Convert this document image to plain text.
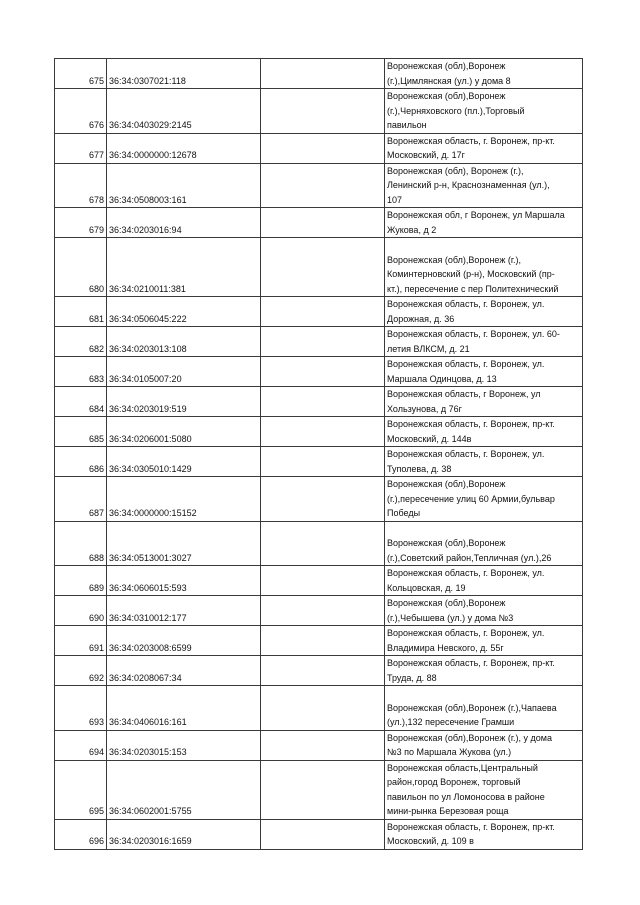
675	36:34:0307021:118		Воронежская (обл),Воронеж
(г.),Цимлянская (ул.) у дома 8

676	36:34:0403029:2145		Воронежская (обл),Воронеж
(г.),Черняховского (пл.),Торговый
павильон

677	36:34:0000000:12678		Воронежская область, г. Воронеж, пр-кт.
Московский, д. 17г

678	36:34:0508003:161		Воронежская (обл), Воронеж (г.),
Ленинский р-н, Краснознаменная (ул.),
107

679	36:34:0203016:94		Воронежская обл, г Воронеж, ул Маршала
Жукова, д 2

680	36:34:0210011:381		Воронежская (обл),Воронеж (г.),
Коминтерновский (р-н), Московский (пр-
кт.), пересечение с пер Политехнический

681	36:34:0506045:222		Воронежская область, г. Воронеж, ул.
Дорожная, д. 36

682	36:34:0203013:108		Воронежская область, г. Воронеж, ул. 60-
летия ВЛКСМ, д. 21

683	36:34:0105007:20		Воронежская область, г. Воронеж, ул.
Маршала Одинцова, д. 13

684	36:34:0203019:519		Воронежская область, г Воронеж, ул
Хользунова, д 76г

685	36:34:0206001:5080		Воронежская область, г. Воронеж, пр-кт.
Московский, д. 144в

686	36:34:0305010:1429		Воронежская область, г. Воронеж, ул.
Туполева, д. 38

687	36:34:0000000:15152		Воронежская (обл),Воронеж
(г.),пересечение улиц 60 Армии,бульвар
Победы

688	36:34:0513001:3027		Воронежская (обл),Воронеж
(г.),Советский район,Тепличная (ул.),26

689	36:34:0606015:593		Воронежская область, г. Воронеж, ул.
Кольцовская, д. 19

690	36:34:0310012:177		Воронежская (обл),Воронеж
(г.),Чебышева (ул.) у дома №3

691	36:34:0203008:6599		Воронежская область, г. Воронеж, ул.
Владимира Невского, д. 55г

692	36:34:0208067:34		Воронежская область, г. Воронеж, пр-кт.
Труда, д. 88

693	36:34:0406016:161		Воронежская (обл),Воронеж (г.),Чапаева
(ул.),132 пересечение Грамши

694	36:34:0203015:153		Воронежская (обл),Воронеж (г.), у дома
№3 по Маршала Жукова (ул.)

695	36:34:0602001:5755		Воронежская область,Центральный
район,город Воронеж, торговый
павильон по ул Ломоносова в районе
мини-рынка Березовая роща

696	36:34:0203016:1659		Воронежская область, г. Воронеж, пр-кт.
Московский, д. 109 в
